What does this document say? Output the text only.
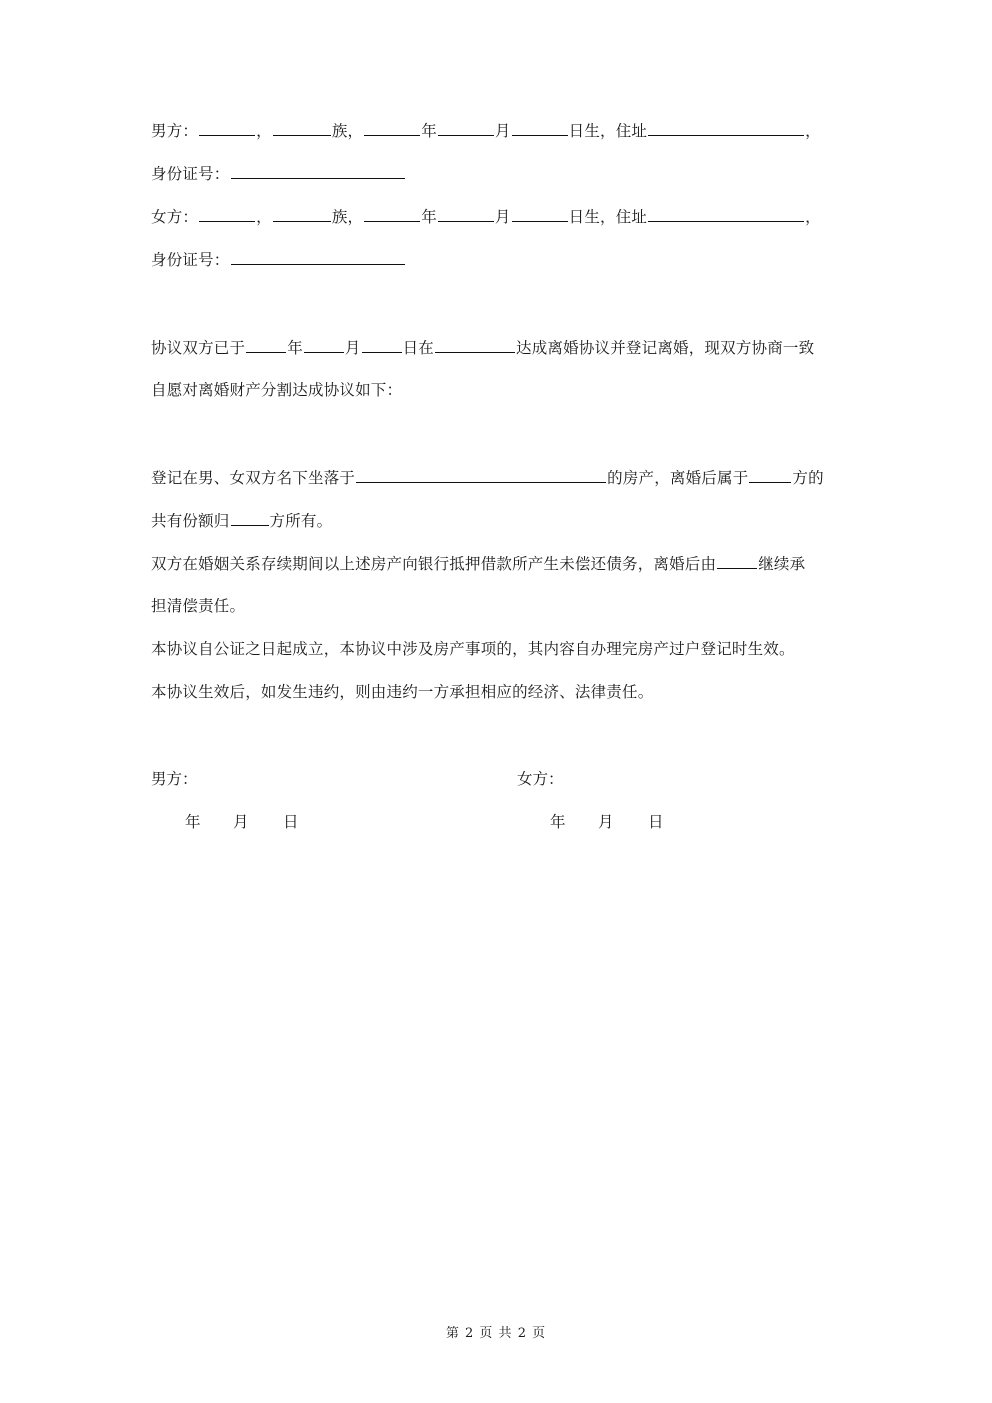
男方：	，	族，	年	月	日生，住址	，
身份证号：
女方：	，	族，	年	月	日生，住址	，
身份证号：
协议双方已于	年	月	日在	达成离婚协议并登记离婚，现双方协商一致
自愿对离婚财产分割达成协议如下：
登记在男、女双方名下坐落于	的房产，离婚后属于	方的
共有份额归	方所有。
双方在婚姻关系存续期间以上述房产向银行抵押借款所产生未偿还债务，离婚后由	继续承
担清偿责任。
本协议自公证之日起成立，本协议中涉及房产事项的，其内容自办理完房产过户登记时生效。
本协议生效后，如发生违约，则由违约一方承担相应的经济、法律责任。
男方：	女方：
年 月 日	年 月 日
第 2 页 共 2 页
